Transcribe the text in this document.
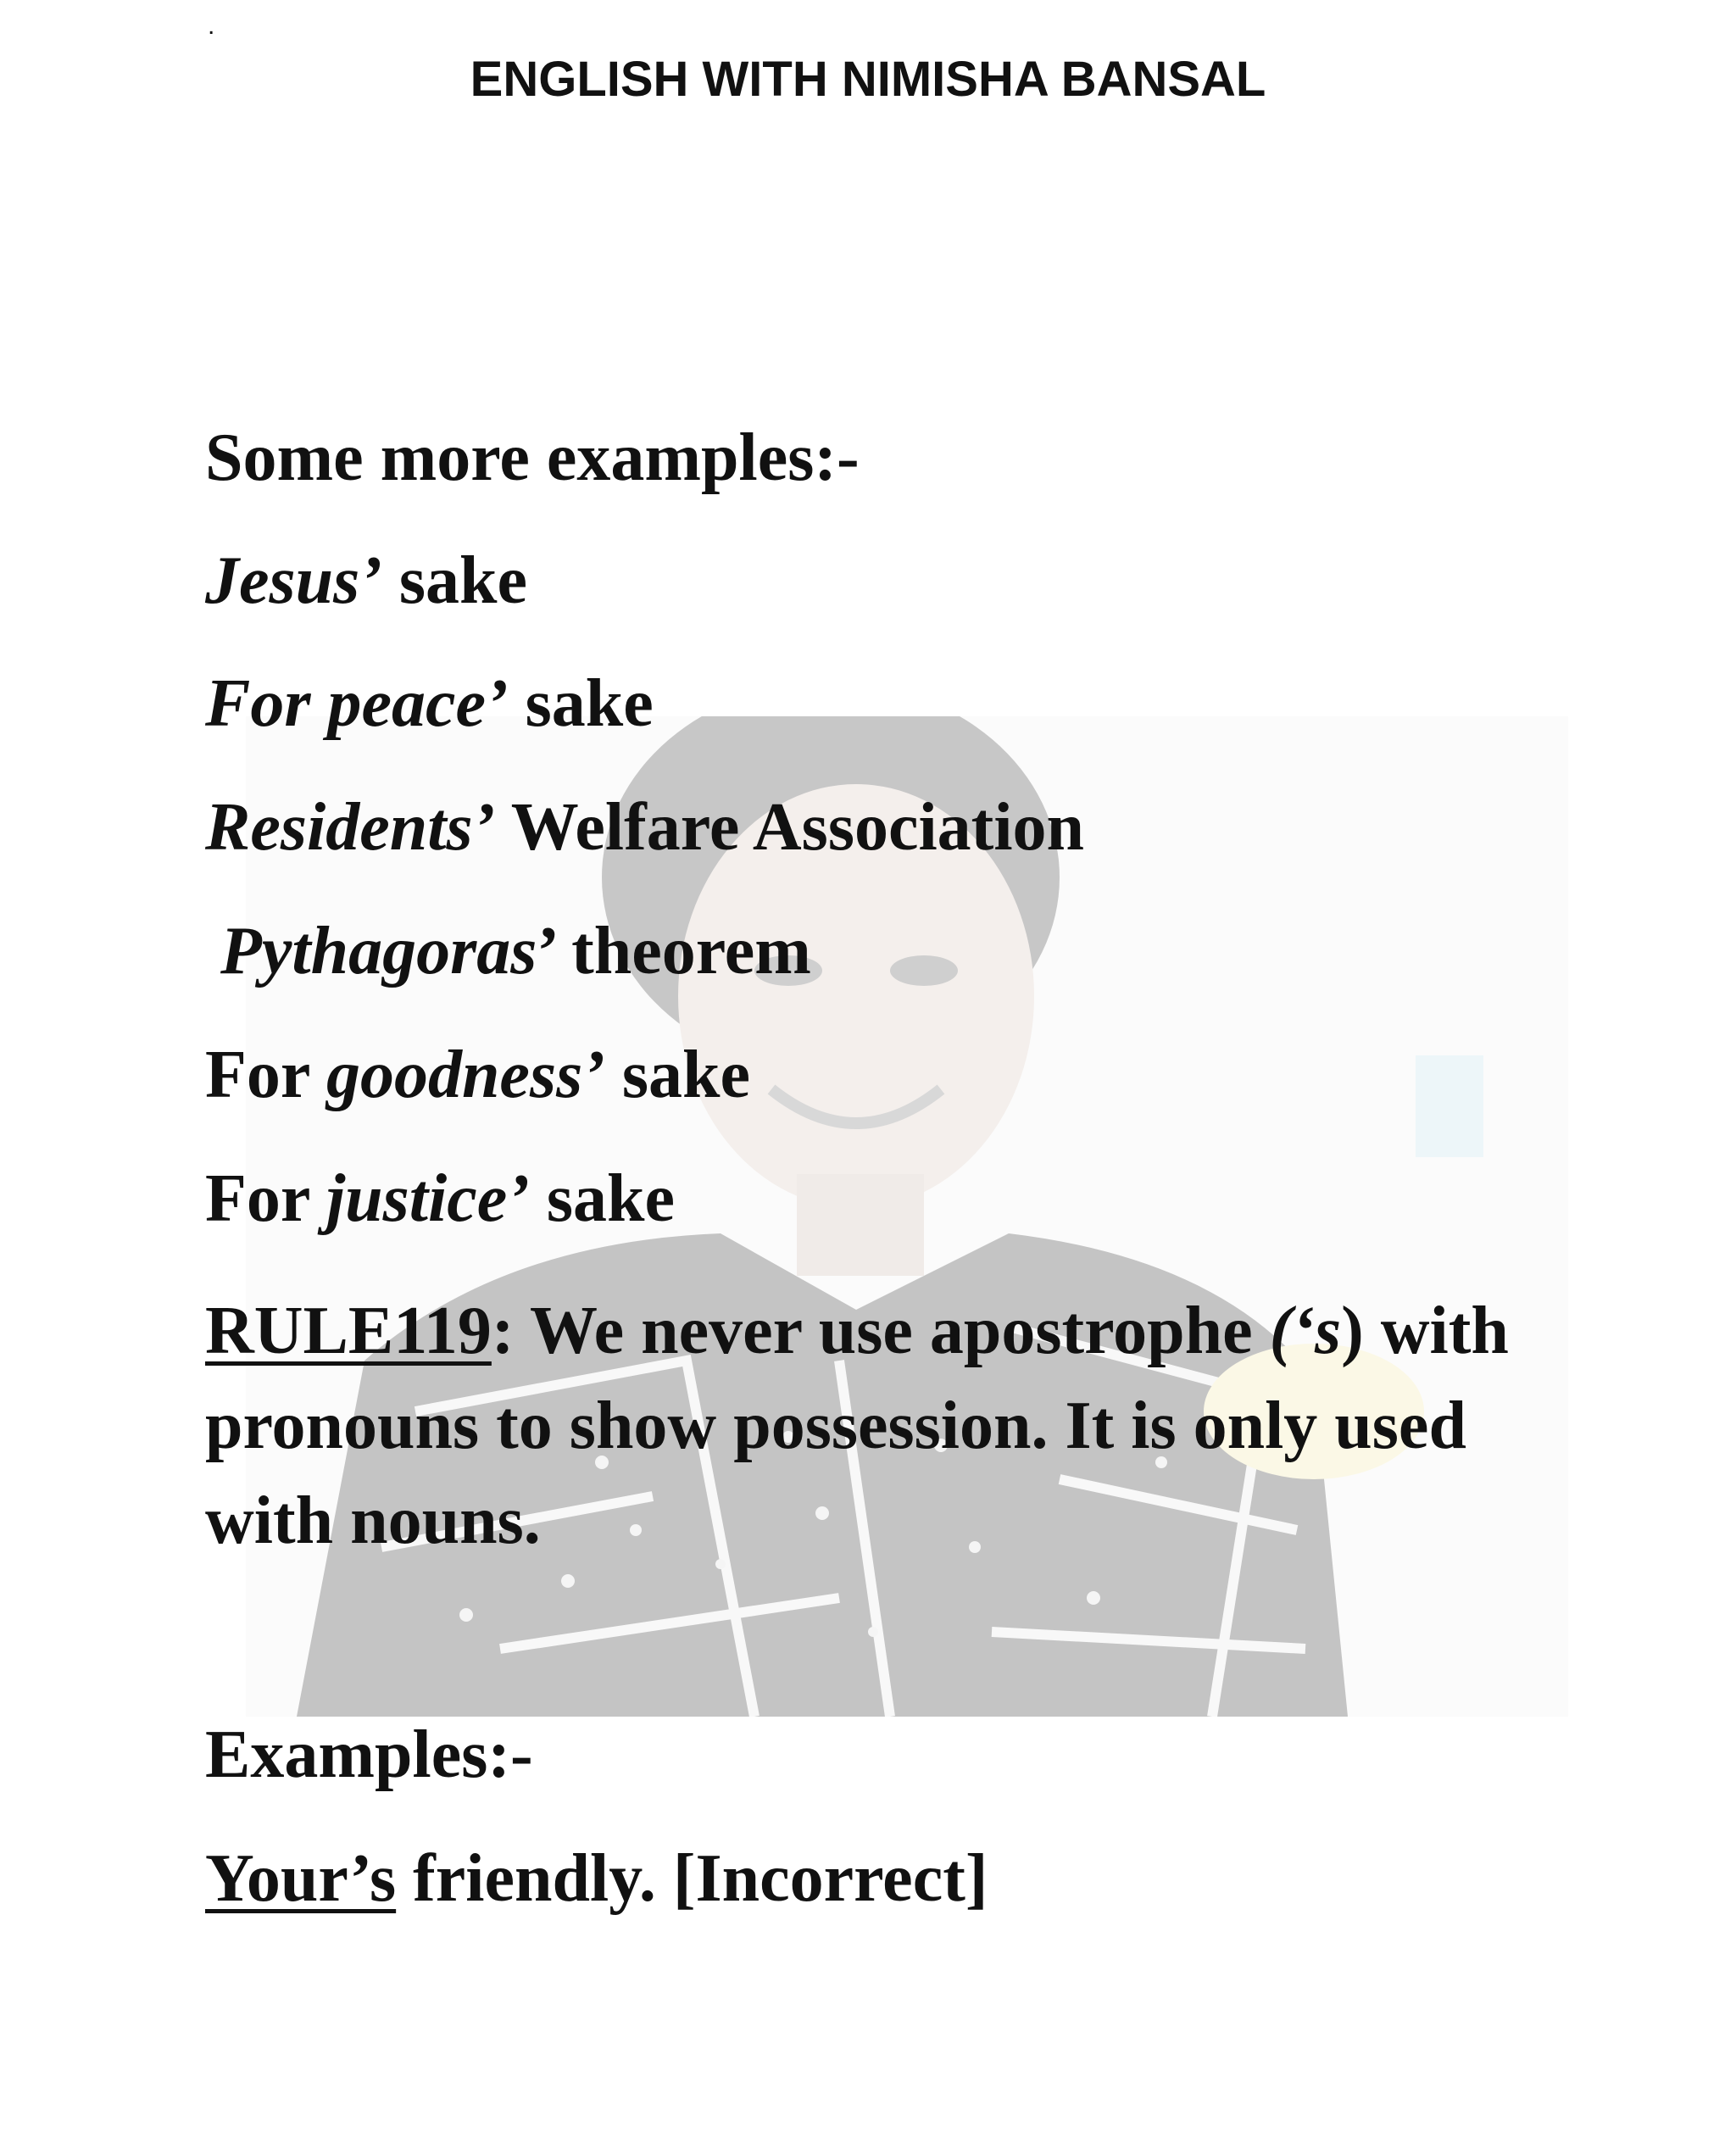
.
ENGLISH WITH NIMISHA BANSAL
Some more examples:-
Jesus’ sake
For peace’ sake
Residents’ Welfare Association
Pythagoras’ theorem
For goodness’ sake
For justice’ sake
RULE119: We never use apostrophe (‘s) with pronouns to show possession. It is only used with nouns.
Examples:-
Your’s friendly. [Incorrect]
